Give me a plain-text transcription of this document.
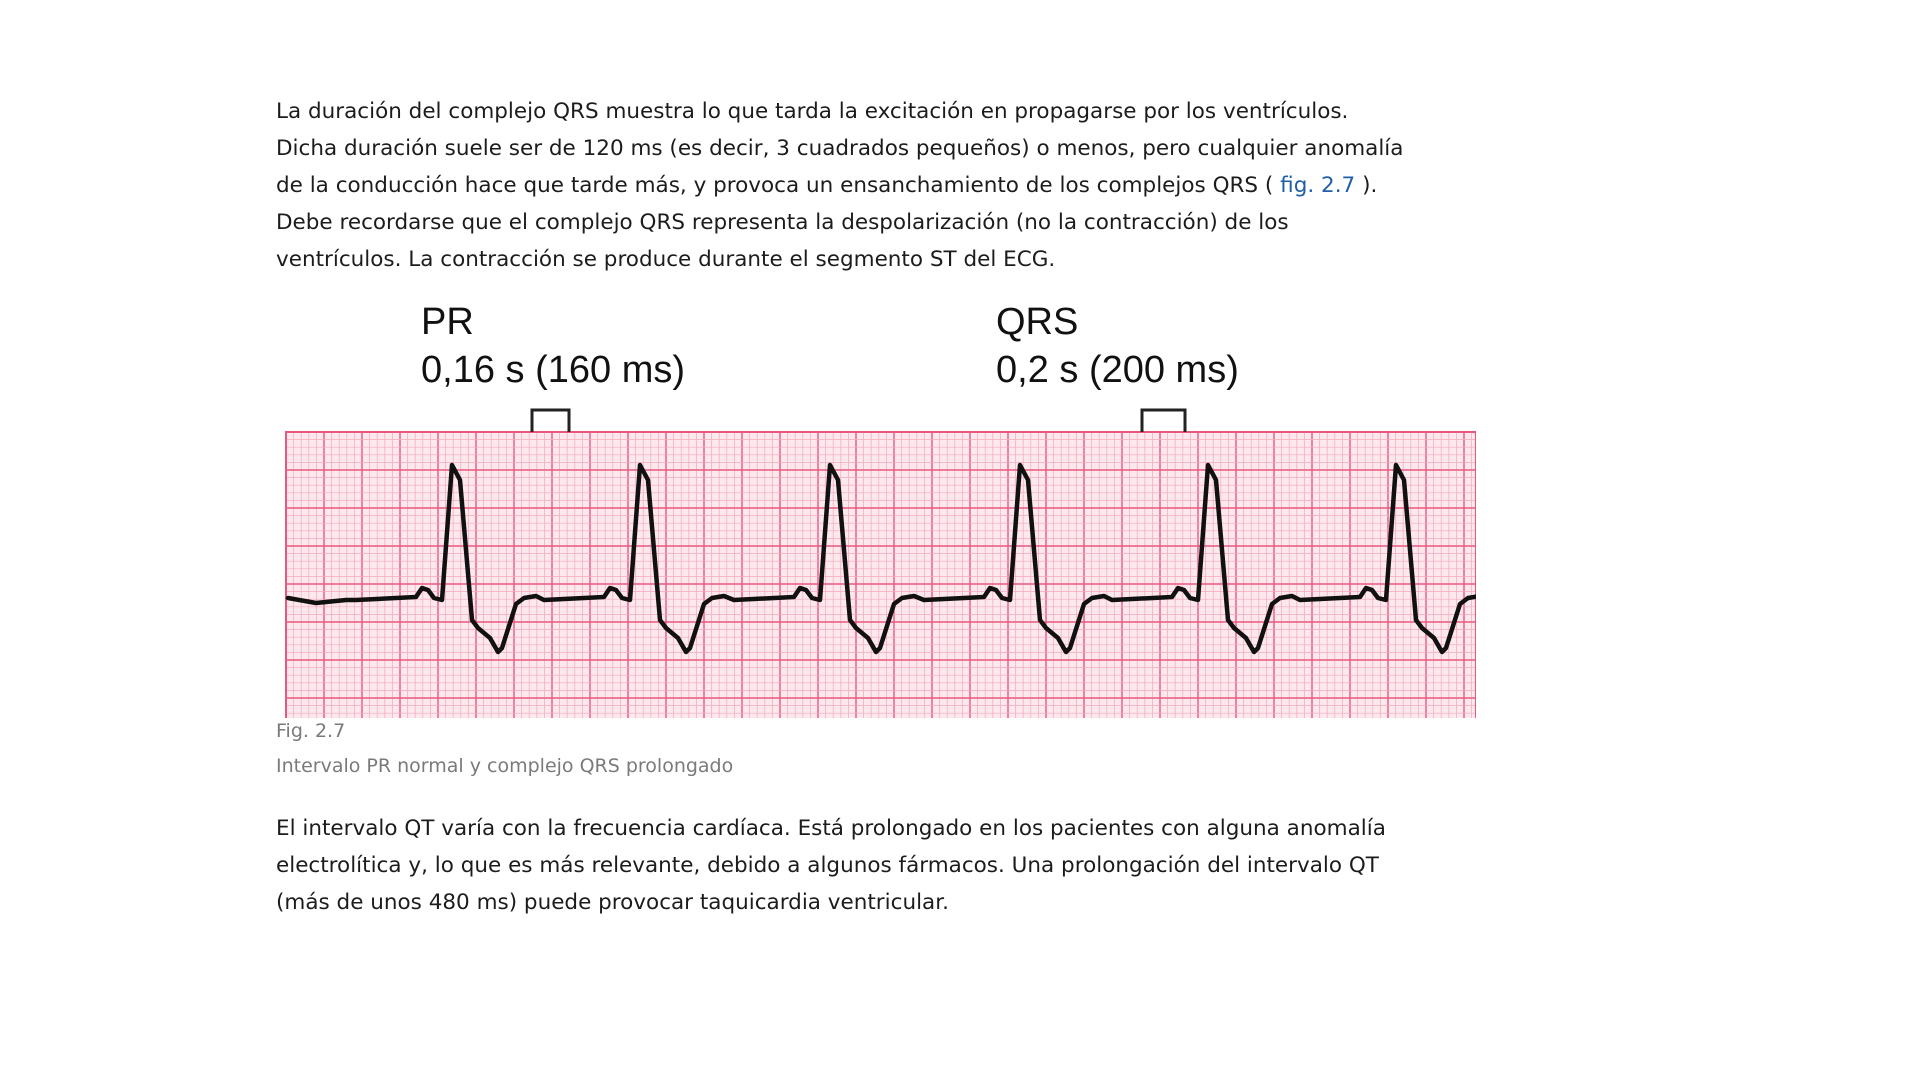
La duración del complejo QRS muestra lo que tarda la excitación en propagarse por los ventrículos.
Dicha duración suele ser de 120 ms (es decir, 3 cuadrados pequeños) o menos, pero cualquier anomalía
de la conducción hace que tarde más, y provoca un ensanchamiento de los complejos QRS ( fig. 2.7 ).
Debe recordarse que el complejo QRS representa la despolarización (no la contracción) de los
ventrículos. La contracción se produce durante el segmento ST del ECG.

PR
0,16 s (160 ms)
QRS
0,2 s (200 ms)
Fig. 2.7
Intervalo PR normal y complejo QRS prolongado

El intervalo QT varía con la frecuencia cardíaca. Está prolongado en los pacientes con alguna anomalía
electrolítica y, lo que es más relevante, debido a algunos fármacos. Una prolongación del intervalo QT
(más de unos 480 ms) puede provocar taquicardia ventricular.
